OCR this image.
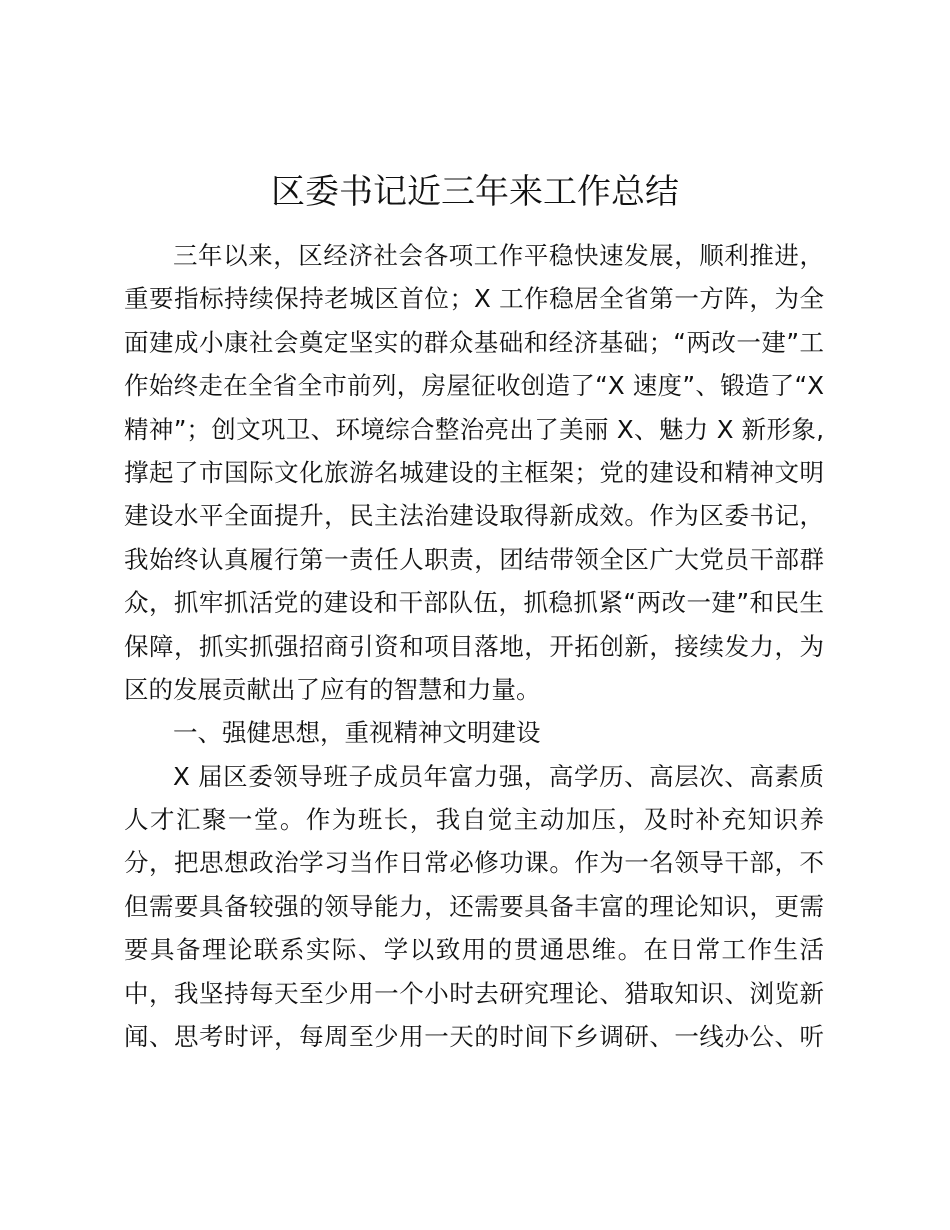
区委书记近三年来工作总结
三年以来，区经济社会各项工作平稳快速发展，顺利推进，
重要指标持续保持老城区首位；X 工作稳居全省第一方阵，为全
面建成小康社会奠定坚实的群众基础和经济基础；“两改一建”工
作始终走在全省全市前列，房屋征收创造了“X 速度”、锻造了“X
精神”；创文巩卫、环境综合整治亮出了美丽 X、魅力 X 新形象,
撑起了市国际文化旅游名城建设的主框架；党的建设和精神文明
建设水平全面提升，民主法治建设取得新成效。作为区委书记，
我始终认真履行第一责任人职责，团结带领全区广大党员干部群
众，抓牢抓活党的建设和干部队伍，抓稳抓紧“两改一建”和民生
保障，抓实抓强招商引资和项目落地，开拓创新，接续发力，为
区的发展贡献出了应有的智慧和力量。
一、强健思想，重视精神文明建设
X 届区委领导班子成员年富力强，高学历、高层次、高素质
人才汇聚一堂。作为班长，我自觉主动加压，及时补充知识养
分，把思想政治学习当作日常必修功课。作为一名领导干部，不
但需要具备较强的领导能力，还需要具备丰富的理论知识，更需
要具备理论联系实际、学以致用的贯通思维。在日常工作生活
中，我坚持每天至少用一个小时去研究理论、猎取知识、浏览新
闻、思考时评，每周至少用一天的时间下乡调研、一线办公、听
